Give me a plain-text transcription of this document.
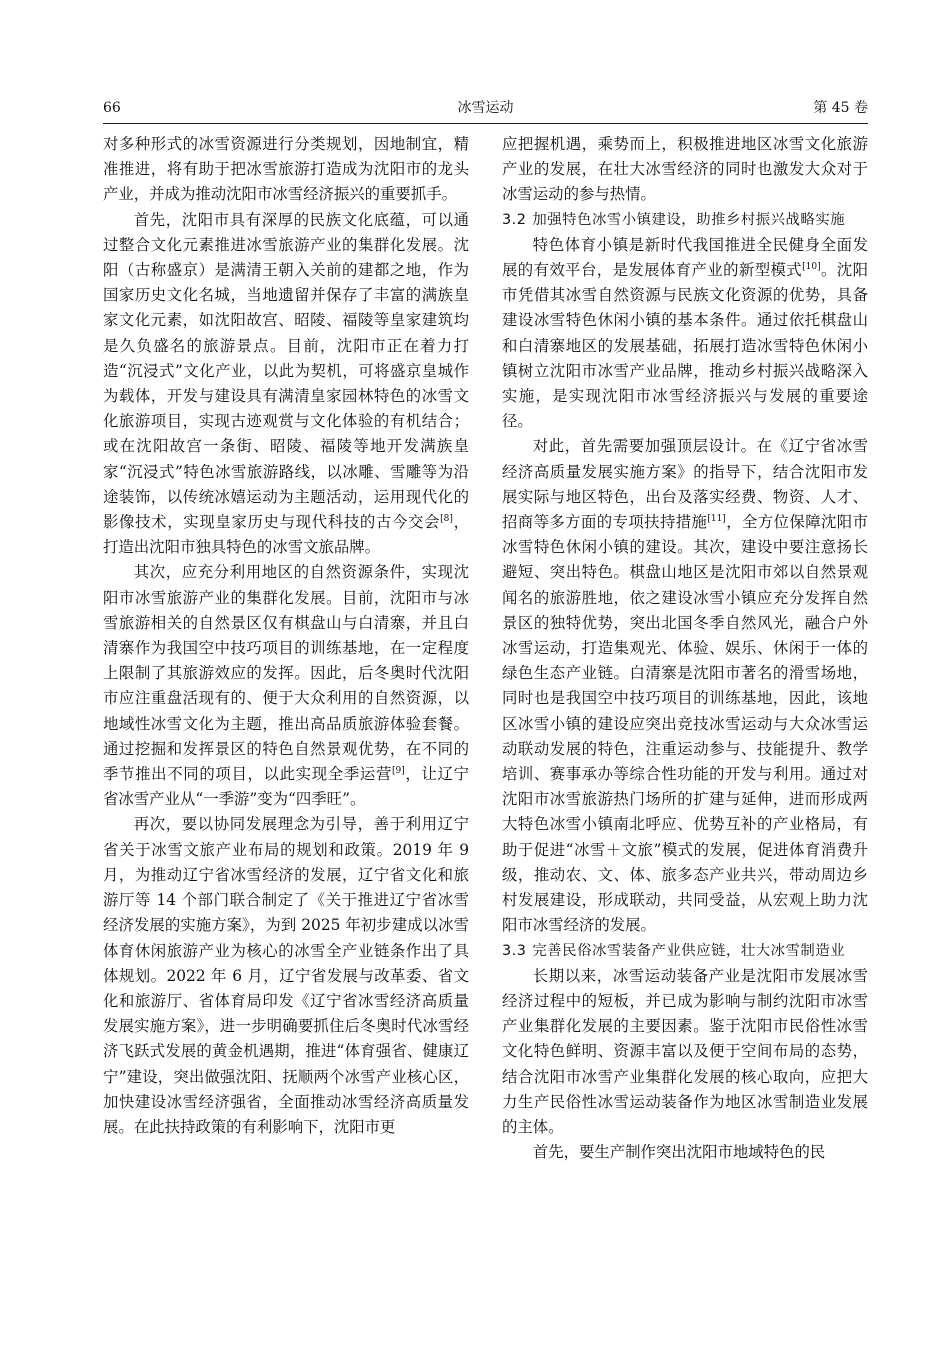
66	冰雪运动	第 45 卷

对多种形式的冰雪资源进行分类规划，因地制宜，精准推进，将有助于把冰雪旅游打造成为沈阳市的龙头产业，并成为推动沈阳市冰雪经济振兴的重要抓手。

首先，沈阳市具有深厚的民族文化底蕴，可以通过整合文化元素推进冰雪旅游产业的集群化发展。沈阳（古称盛京）是满清王朝入关前的建都之地，作为国家历史文化名城，当地遗留并保存了丰富的满族皇家文化元素，如沈阳故宫、昭陵、福陵等皇家建筑均是久负盛名的旅游景点。目前，沈阳市正在着力打造“沉浸式”文化产业，以此为契机，可将盛京皇城作为载体，开发与建设具有满清皇家园林特色的冰雪文化旅游项目，实现古迹观赏与文化体验的有机结合；或在沈阳故宫一条街、昭陵、福陵等地开发满族皇家“沉浸式”特色冰雪旅游路线，以冰雕、雪雕等为沿途装饰，以传统冰嬉运动为主题活动，运用现代化的影像技术，实现皇家历史与现代科技的古今交会[8]，打造出沈阳市独具特色的冰雪文旅品牌。

其次，应充分利用地区的自然资源条件，实现沈阳市冰雪旅游产业的集群化发展。目前，沈阳市与冰雪旅游相关的自然景区仅有棋盘山与白清寨，并且白清寨作为我国空中技巧项目的训练基地，在一定程度上限制了其旅游效应的发挥。因此，后冬奥时代沈阳市应注重盘活现有的、便于大众利用的自然资源，以地域性冰雪文化为主题，推出高品质旅游体验套餐。通过挖掘和发挥景区的特色自然景观优势，在不同的季节推出不同的项目，以此实现全季运营[9]，让辽宁省冰雪产业从“一季游”变为“四季旺”。

再次，要以协同发展理念为引导，善于利用辽宁省关于冰雪文旅产业布局的规划和政策。2019 年 9 月，为推动辽宁省冰雪经济的发展，辽宁省文化和旅游厅等 14 个部门联合制定了《关于推进辽宁省冰雪经济发展的实施方案》，为到 2025 年初步建成以冰雪体育休闲旅游产业为核心的冰雪全产业链条作出了具体规划。2022 年 6 月，辽宁省发展与改革委、省文化和旅游厅、省体育局印发《辽宁省冰雪经济高质量发展实施方案》，进一步明确要抓住后冬奥时代冰雪经济飞跃式发展的黄金机遇期，推进“体育强省、健康辽宁”建设，突出做强沈阳、抚顺两个冰雪产业核心区，加快建设冰雪经济强省，全面推动冰雪经济高质量发展。在此扶持政策的有利影响下，沈阳市更

应把握机遇，乘势而上，积极推进地区冰雪文化旅游产业的发展，在壮大冰雪经济的同时也激发大众对于冰雪运动的参与热情。

3.2 加强特色冰雪小镇建设，助推乡村振兴战略实施

特色体育小镇是新时代我国推进全民健身全面发展的有效平台，是发展体育产业的新型模式[10]。沈阳市凭借其冰雪自然资源与民族文化资源的优势，具备建设冰雪特色休闲小镇的基本条件。通过依托棋盘山和白清寨地区的发展基础，拓展打造冰雪特色休闲小镇树立沈阳市冰雪产业品牌，推动乡村振兴战略深入实施，是实现沈阳市冰雪经济振兴与发展的重要途径。

对此，首先需要加强顶层设计。在《辽宁省冰雪经济高质量发展实施方案》的指导下，结合沈阳市发展实际与地区特色，出台及落实经费、物资、人才、招商等多方面的专项扶持措施[11]，全方位保障沈阳市冰雪特色休闲小镇的建设。其次，建设中要注意扬长避短、突出特色。棋盘山地区是沈阳市郊以自然景观闻名的旅游胜地，依之建设冰雪小镇应充分发挥自然景区的独特优势，突出北国冬季自然风光，融合户外冰雪运动，打造集观光、体验、娱乐、休闲于一体的绿色生态产业链。白清寨是沈阳市著名的滑雪场地，同时也是我国空中技巧项目的训练基地，因此，该地区冰雪小镇的建设应突出竞技冰雪运动与大众冰雪运动联动发展的特色，注重运动参与、技能提升、教学培训、赛事承办等综合性功能的开发与利用。通过对沈阳市冰雪旅游热门场所的扩建与延伸，进而形成两大特色冰雪小镇南北呼应、优势互补的产业格局，有助于促进“冰雪＋文旅”模式的发展，促进体育消费升级，推动农、文、体、旅多态产业共兴，带动周边乡村发展建设，形成联动，共同受益，从宏观上助力沈阳市冰雪经济的发展。

3.3 完善民俗冰雪装备产业供应链，壮大冰雪制造业

长期以来，冰雪运动装备产业是沈阳市发展冰雪经济过程中的短板，并已成为影响与制约沈阳市冰雪产业集群化发展的主要因素。鉴于沈阳市民俗性冰雪文化特色鲜明、资源丰富以及便于空间布局的态势，结合沈阳市冰雪产业集群化发展的核心取向，应把大力生产民俗性冰雪运动装备作为地区冰雪制造业发展的主体。

首先，要生产制作突出沈阳市地域特色的民
